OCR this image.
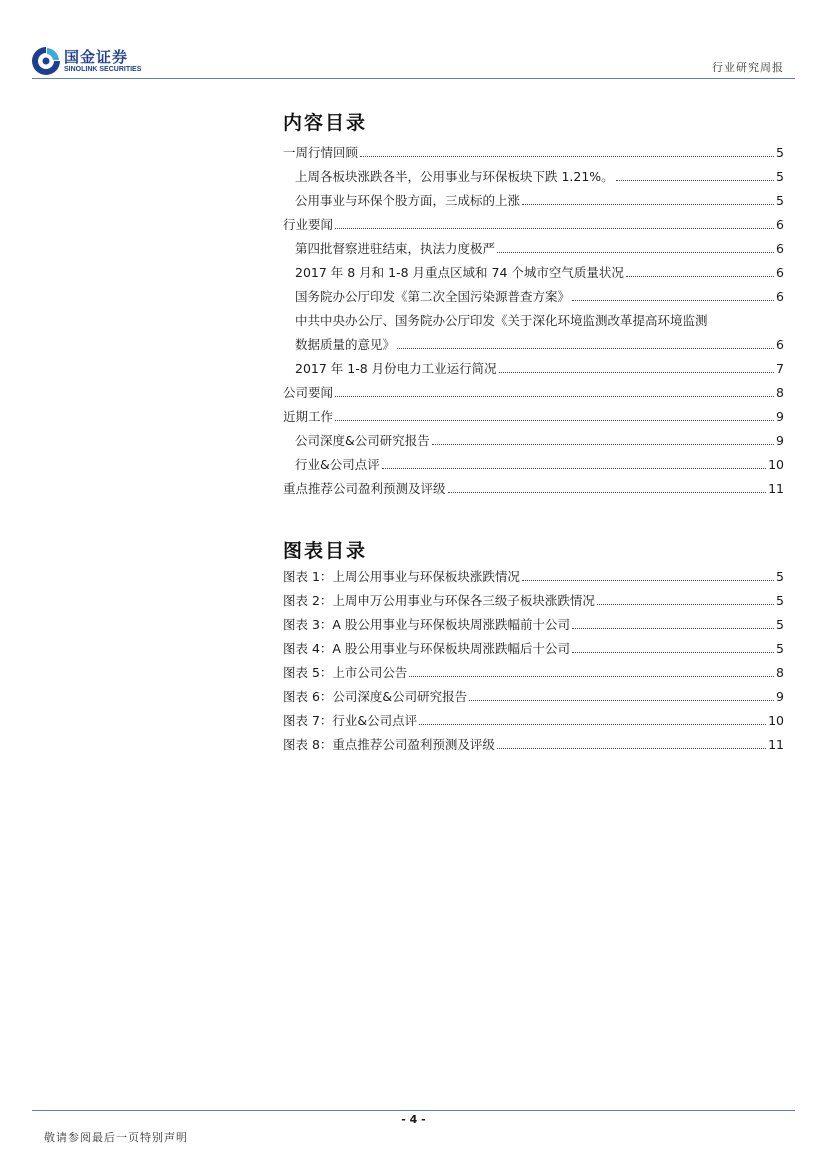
国金证券
SINOLINK SECURITIES	行业研究周报
内容目录
一周行情回顾	5
上周各板块涨跌各半，公用事业与环保板块下跌 1.21%。	5
公用事业与环保个股方面，三成标的上涨	5
行业要闻	6
第四批督察进驻结束，执法力度极严	6
2017 年 8 月和 1-8 月重点区域和 74 个城市空气质量状况	6
国务院办公厅印发《第二次全国污染源普查方案》	6
中共中央办公厅、国务院办公厅印发《关于深化环境监测改革提高环境监测
数据质量的意见》	6
2017 年 1-8 月份电力工业运行简况	7
公司要闻	8
近期工作	9
公司深度&公司研究报告	9
行业&公司点评	10
重点推荐公司盈利预测及评级	11
图表目录
图表 1：上周公用事业与环保板块涨跌情况	5
图表 2：上周申万公用事业与环保各三级子板块涨跌情况	5
图表 3：A 股公用事业与环保板块周涨跌幅前十公司	5
图表 4：A 股公用事业与环保板块周涨跌幅后十公司	5
图表 5：上市公司公告	8
图表 6：公司深度&公司研究报告	9
图表 7：行业&公司点评	10
图表 8：重点推荐公司盈利预测及评级	11
- 4 -
敬请参阅最后一页特别声明
